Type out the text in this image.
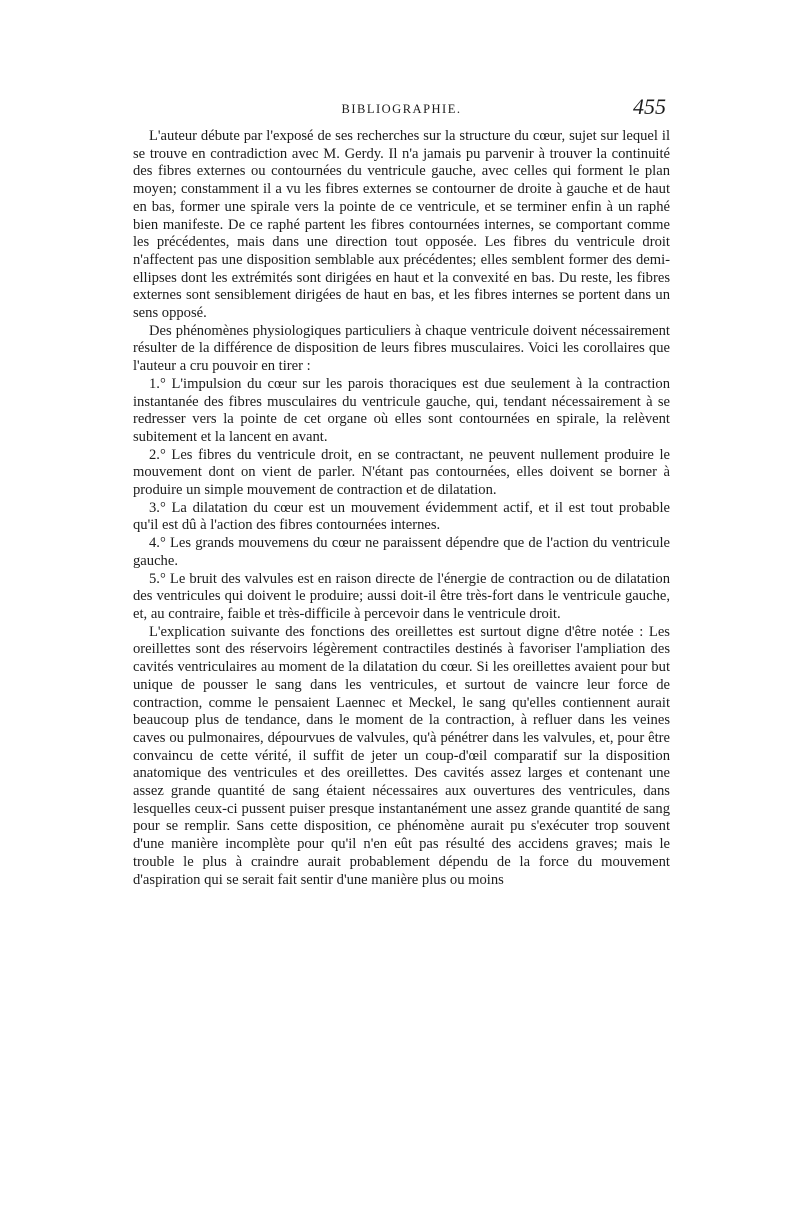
BIBLIOGRAPHIE.	455

L'auteur débute par l'exposé de ses recherches sur la structure du cœur, sujet sur lequel il se trouve en contradiction avec M. Gerdy. Il n'a jamais pu parvenir à trouver la continuité des fibres externes ou contournées du ventricule gauche, avec celles qui forment le plan moyen; constamment il a vu les fibres externes se contourner de droite à gauche et de haut en bas, former une spirale vers la pointe de ce ventricule, et se terminer enfin à un raphé bien manifeste. De ce raphé partent les fibres contournées internes, se comportant comme les précédentes, mais dans une direction tout opposée. Les fibres du ventricule droit n'affectent pas une disposition semblable aux précédentes; elles semblent former des demi-ellipses dont les extrémités sont dirigées en haut et la convexité en bas. Du reste, les fibres externes sont sensiblement dirigées de haut en bas, et les fibres internes se portent dans un sens opposé.

Des phénomènes physiologiques particuliers à chaque ventricule doivent nécessairement résulter de la différence de disposition de leurs fibres musculaires. Voici les corollaires que l'auteur a cru pouvoir en tirer :

1.° L'impulsion du cœur sur les parois thoraciques est due seulement à la contraction instantanée des fibres musculaires du ventricule gauche, qui, tendant nécessairement à se redresser vers la pointe de cet organe où elles sont contournées en spirale, la relèvent subitement et la lancent en avant.

2.° Les fibres du ventricule droit, en se contractant, ne peuvent nullement produire le mouvement dont on vient de parler. N'étant pas contournées, elles doivent se borner à produire un simple mouvement de contraction et de dilatation.

3.° La dilatation du cœur est un mouvement évidemment actif, et il est tout probable qu'il est dû à l'action des fibres contournées internes.

4.° Les grands mouvemens du cœur ne paraissent dépendre que de l'action du ventricule gauche.

5.° Le bruit des valvules est en raison directe de l'énergie de contraction ou de dilatation des ventricules qui doivent le produire; aussi doit-il être très-fort dans le ventricule gauche, et, au contraire, faible et très-difficile à percevoir dans le ventricule droit.

L'explication suivante des fonctions des oreillettes est surtout digne d'être notée : Les oreillettes sont des réservoirs légèrement contractiles destinés à favoriser l'ampliation des cavités ventriculaires au moment de la dilatation du cœur. Si les oreillettes avaient pour but unique de pousser le sang dans les ventricules, et surtout de vaincre leur force de contraction, comme le pensaient Laennec et Meckel, le sang qu'elles contiennent aurait beaucoup plus de tendance, dans le moment de la contraction, à refluer dans les veines caves ou pulmonaires, dépourvues de valvules, qu'à pénétrer dans les valvules, et, pour être convaincu de cette vérité, il suffit de jeter un coup-d'œil comparatif sur la disposition anatomique des ventricules et des oreillettes. Des cavités assez larges et contenant une assez grande quantité de sang étaient nécessaires aux ouvertures des ventricules, dans lesquelles ceux-ci pussent puiser presque instantanément une assez grande quantité de sang pour se remplir. Sans cette disposition, ce phénomène aurait pu s'exécuter trop souvent d'une manière incomplète pour qu'il n'en eût pas résulté des accidens graves; mais le trouble le plus à craindre aurait probablement dépendu de la force du mouvement d'aspiration qui se serait fait sentir d'une manière plus ou moins
